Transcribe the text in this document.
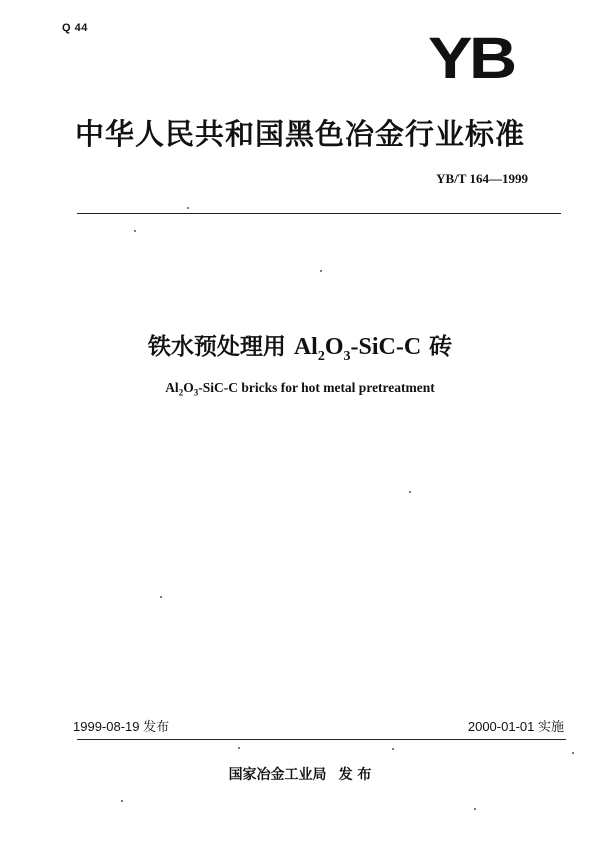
Q 44	YB
中华人民共和国黑色冶金行业标准
YB/T 164—1999
铁水预处理用 $Al_2O_3-SiC-C$ 砖
$Al_2O_3-SiC-C$ bricks for hot metal pretreatment
1999-08-19 发布	2000-01-01 实施
国家冶金工业局 发 布
